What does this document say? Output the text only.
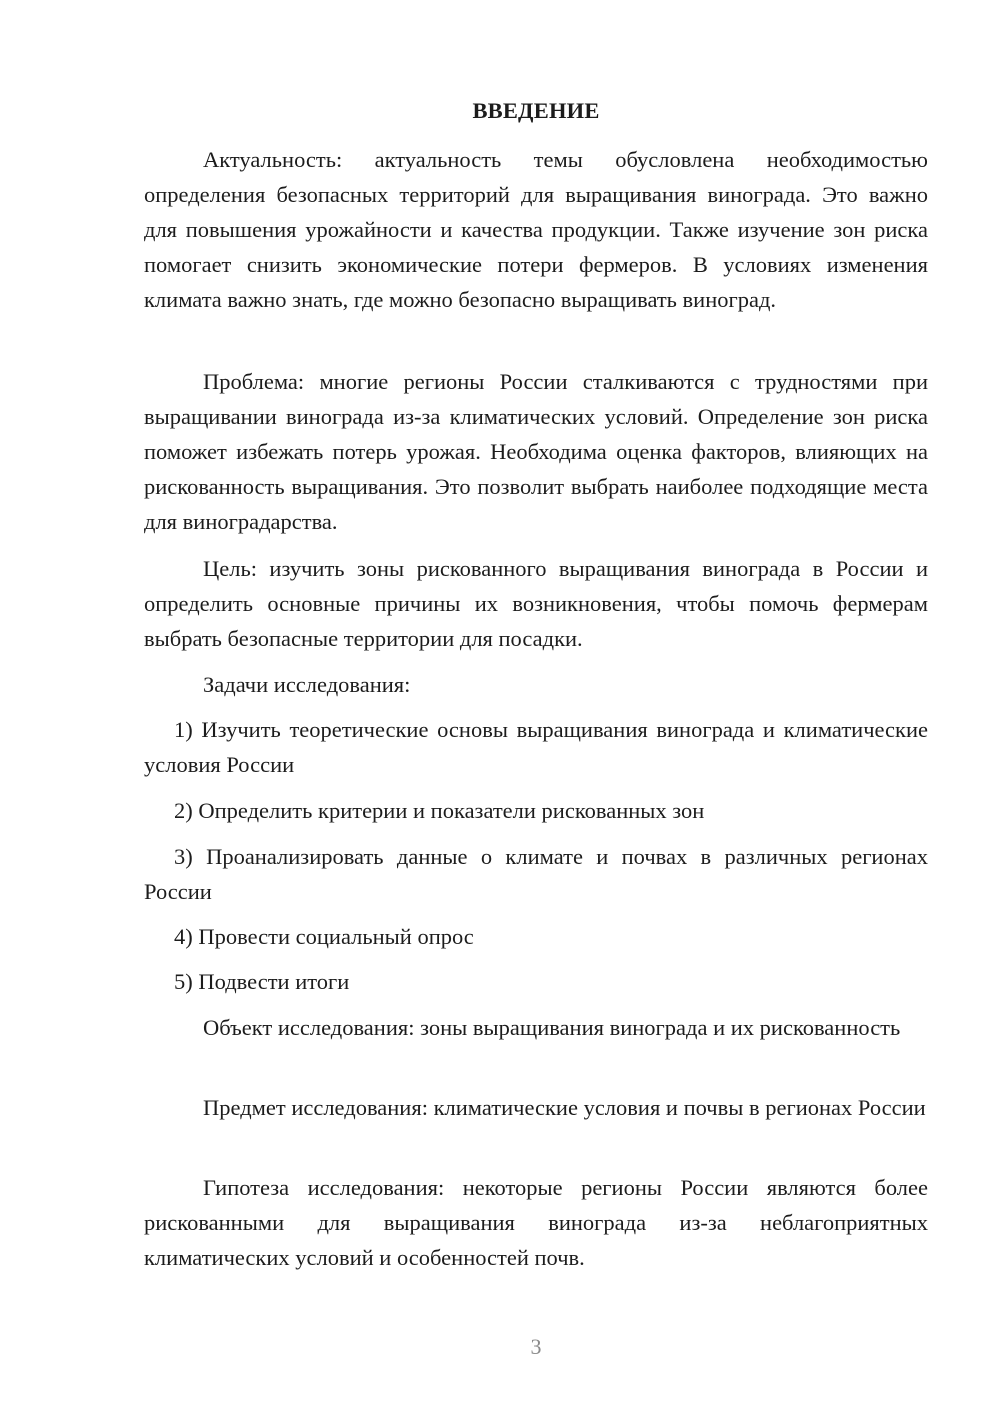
ВВЕДЕНИЕ
Актуальность: актуальность темы обусловлена необходимостью определения безопасных территорий для выращивания винограда. Это важно для повышения урожайности и качества продукции. Также изучение зон риска помогает снизить экономические потери фермеров. В условиях изменения климата важно знать, где можно безопасно выращивать виноград.
Проблема: многие регионы России сталкиваются с трудностями при выращивании винограда из-за климатических условий. Определение зон риска поможет избежать потерь урожая. Необходима оценка факторов, влияющих на рискованность выращивания. Это позволит выбрать наиболее подходящие места для виноградарства.
Цель: изучить зоны рискованного выращивания винограда в России и определить основные причины их возникновения, чтобы помочь фермерам выбрать безопасные территории для посадки.
Задачи исследования:
1) Изучить теоретические основы выращивания винограда и климатические условия России
2) Определить критерии и показатели рискованных зон
3) Проанализировать данные о климате и почвах в различных регионах России
4) Провести социальный опрос
5) Подвести итоги
Объект исследования: зоны выращивания винограда и их рискованность
Предмет исследования: климатические условия и почвы в регионах России
Гипотеза исследования: некоторые регионы России являются более рискованными для выращивания винограда из-за неблагоприятных климатических условий и особенностей почв.
3
